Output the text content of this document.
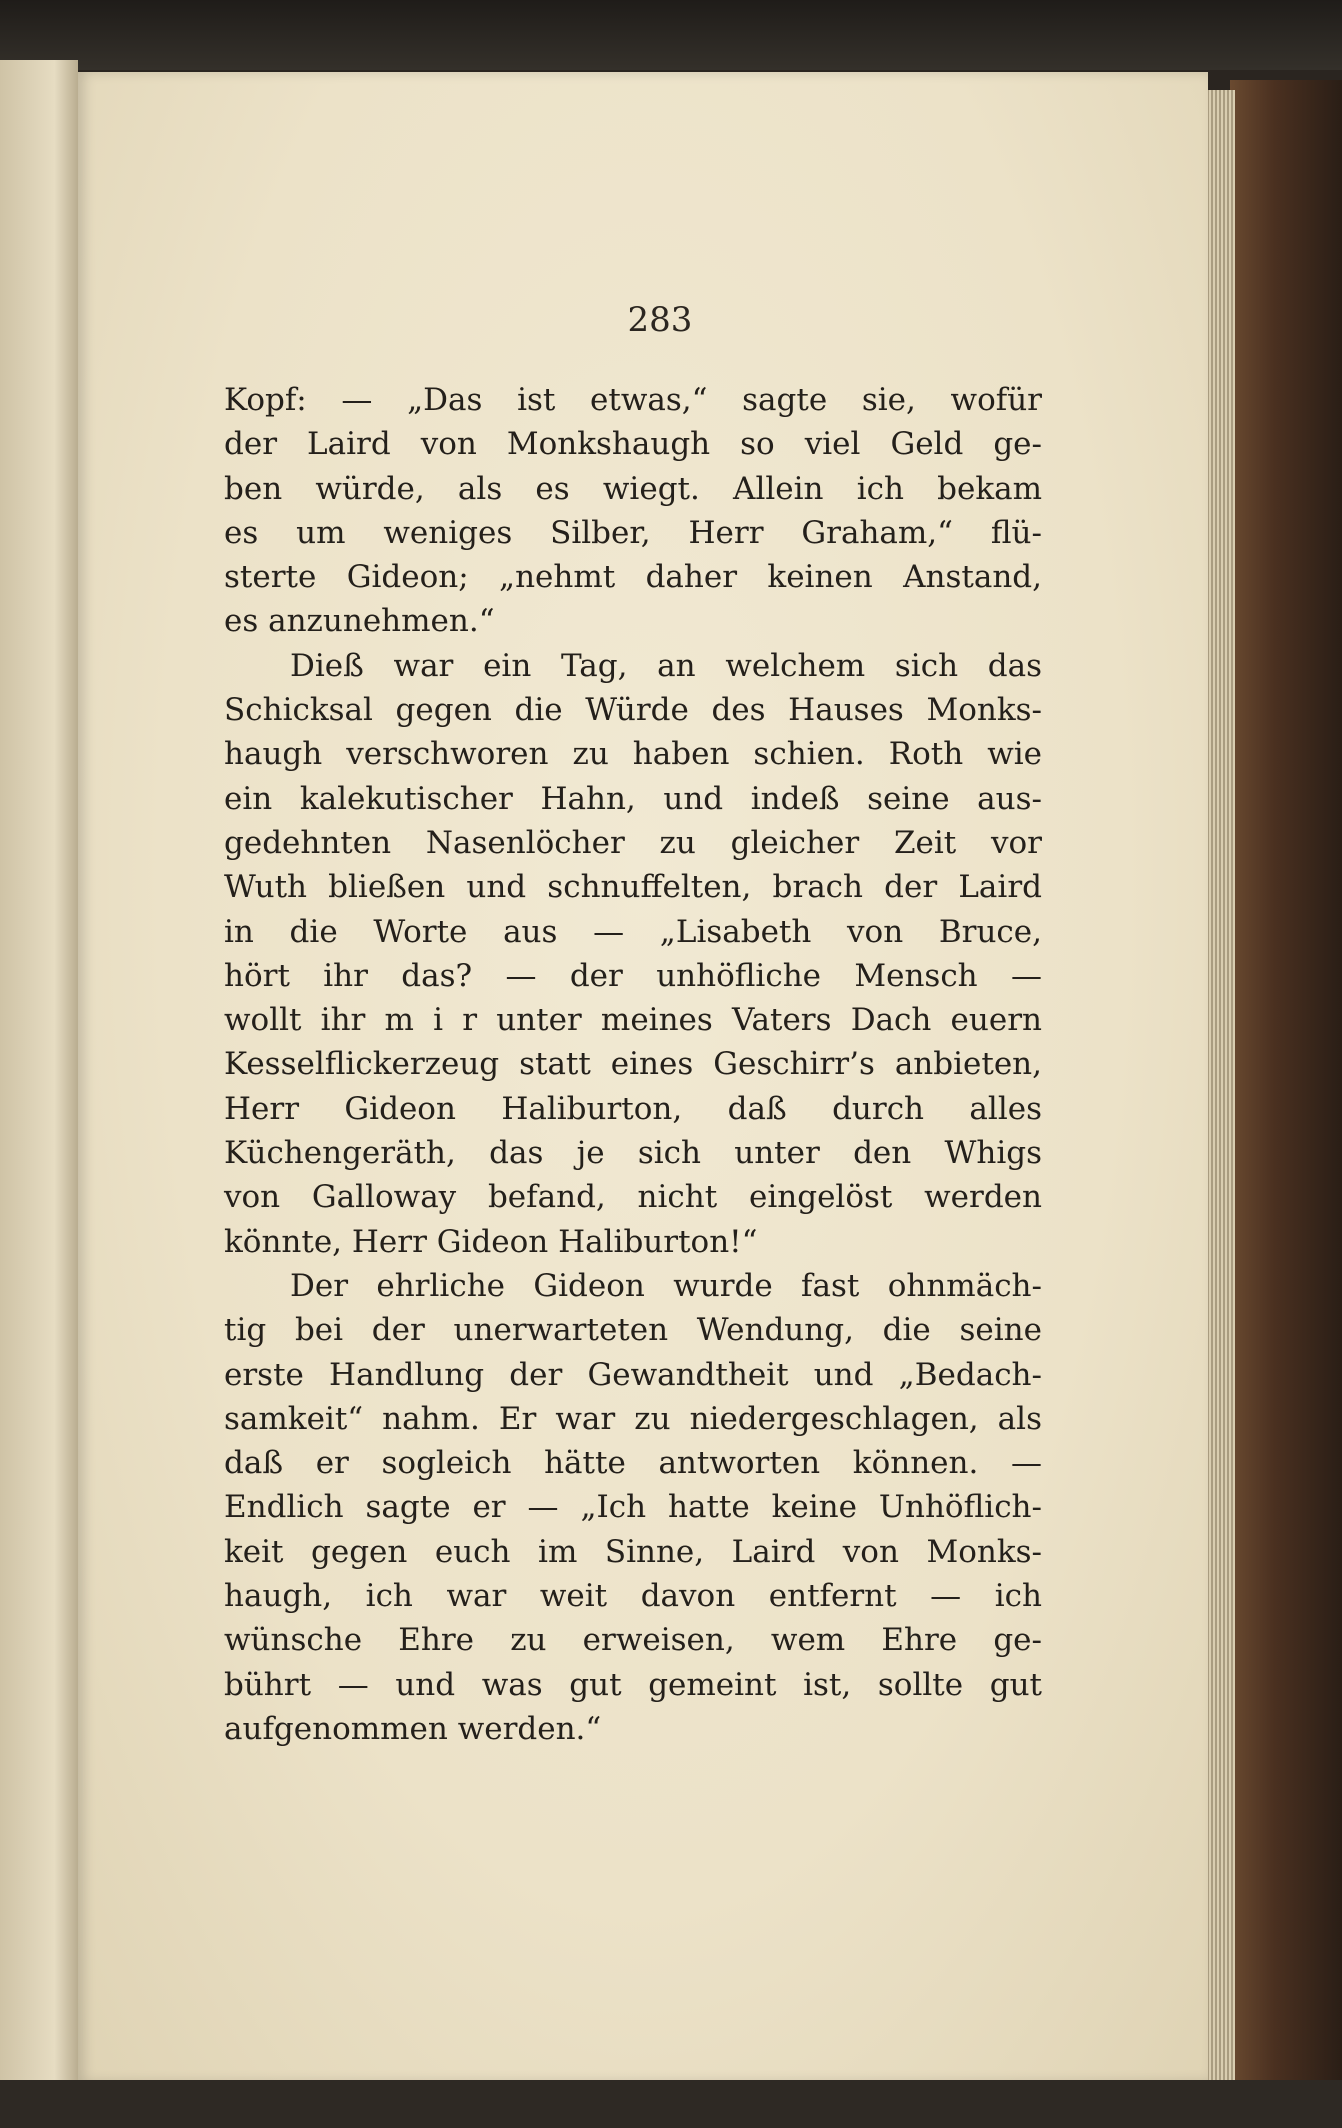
283
Kopf: — „Das ist etwas,“ sagte sie, wofür
der Laird von Monkshaugh so viel Geld ge-
ben würde, als es wiegt. Allein ich bekam
es um weniges Silber, Herr Graham,“ flü-
sterte Gideon; „nehmt daher keinen Anstand,
es anzunehmen.“
Dieß war ein Tag, an welchem sich das
Schicksal gegen die Würde des Hauses Monks-
haugh verschworen zu haben schien. Roth wie
ein kalekutischer Hahn, und indeß seine aus-
gedehnten Nasenlöcher zu gleicher Zeit vor
Wuth bließen und schnuffelten, brach der Laird
in die Worte aus — „Lisabeth von Bruce,
hört ihr das? — der unhöfliche Mensch —
wollt ihr m i r unter meines Vaters Dach euern
Kesselflickerzeug statt eines Geschirr’s anbieten,
Herr Gideon Haliburton, daß durch alles
Küchengeräth, das je sich unter den Whigs
von Galloway befand, nicht eingelöst werden
könnte, Herr Gideon Haliburton!“
Der ehrliche Gideon wurde fast ohnmäch-
tig bei der unerwarteten Wendung, die seine
erste Handlung der Gewandtheit und „Bedach-
samkeit“ nahm. Er war zu niedergeschlagen, als
daß er sogleich hätte antworten können. —
Endlich sagte er — „Ich hatte keine Unhöflich-
keit gegen euch im Sinne, Laird von Monks-
haugh, ich war weit davon entfernt — ich
wünsche Ehre zu erweisen, wem Ehre ge-
bührt — und was gut gemeint ist, sollte gut
aufgenommen werden.“
